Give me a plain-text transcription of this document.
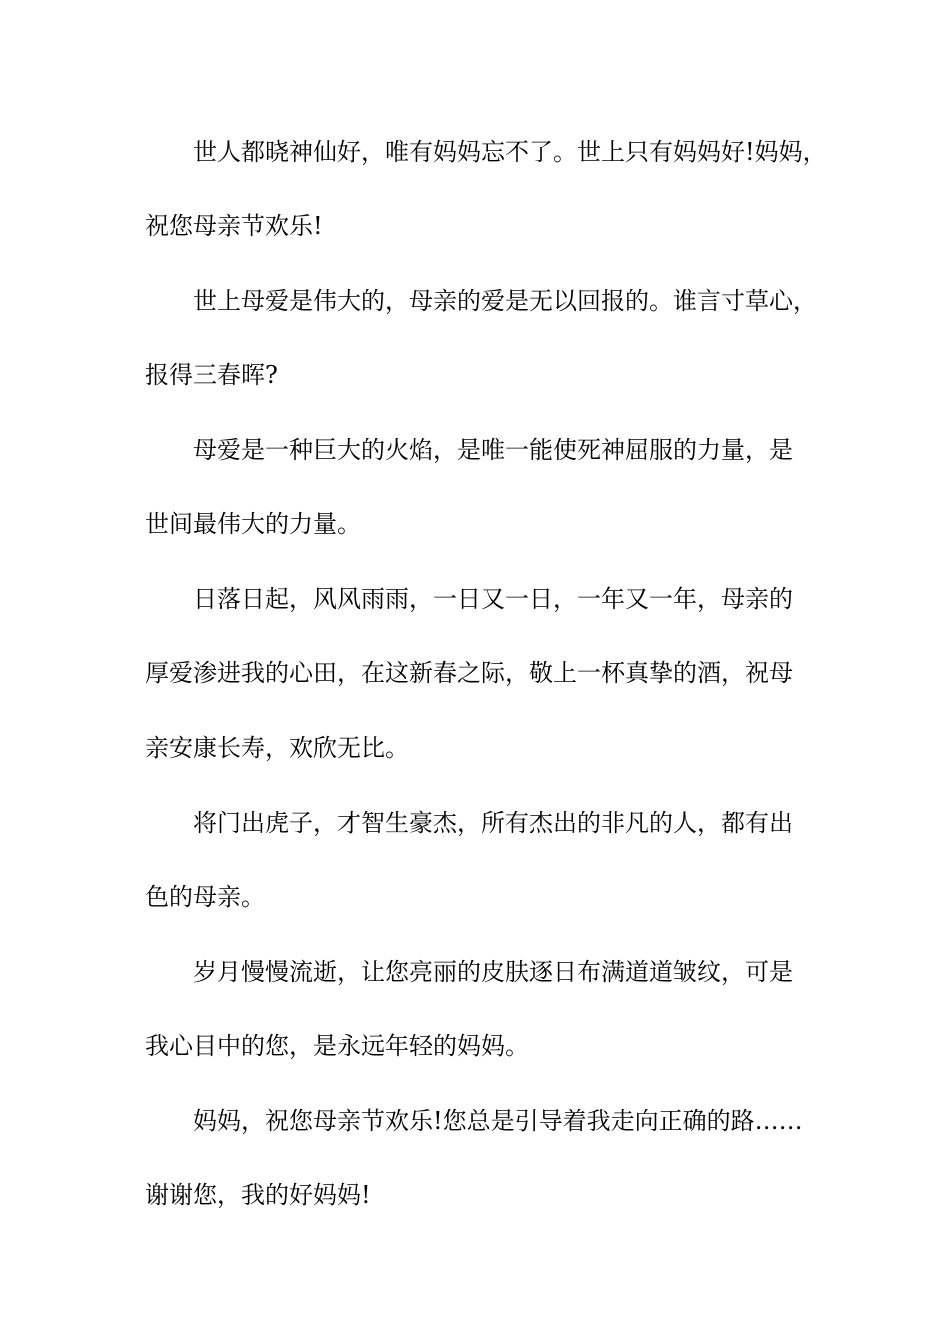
世人都晓神仙好，唯有妈妈忘不了。世上只有妈妈好!妈妈，
祝您母亲节欢乐!
世上母爱是伟大的，母亲的爱是无以回报的。谁言寸草心，
报得三春晖?
母爱是一种巨大的火焰，是唯一能使死神屈服的力量，是
世间最伟大的力量。
日落日起，风风雨雨，一日又一日，一年又一年，母亲的
厚爱渗进我的心田，在这新春之际，敬上一杯真挚的酒，祝母
亲安康长寿，欢欣无比。
将门出虎子，才智生豪杰，所有杰出的非凡的人，都有出
色的母亲。
岁月慢慢流逝，让您亮丽的皮肤逐日布满道道皱纹，可是
我心目中的您，是永远年轻的妈妈。
妈妈，祝您母亲节欢乐!您总是引导着我走向正确的路……
谢谢您，我的好妈妈!
